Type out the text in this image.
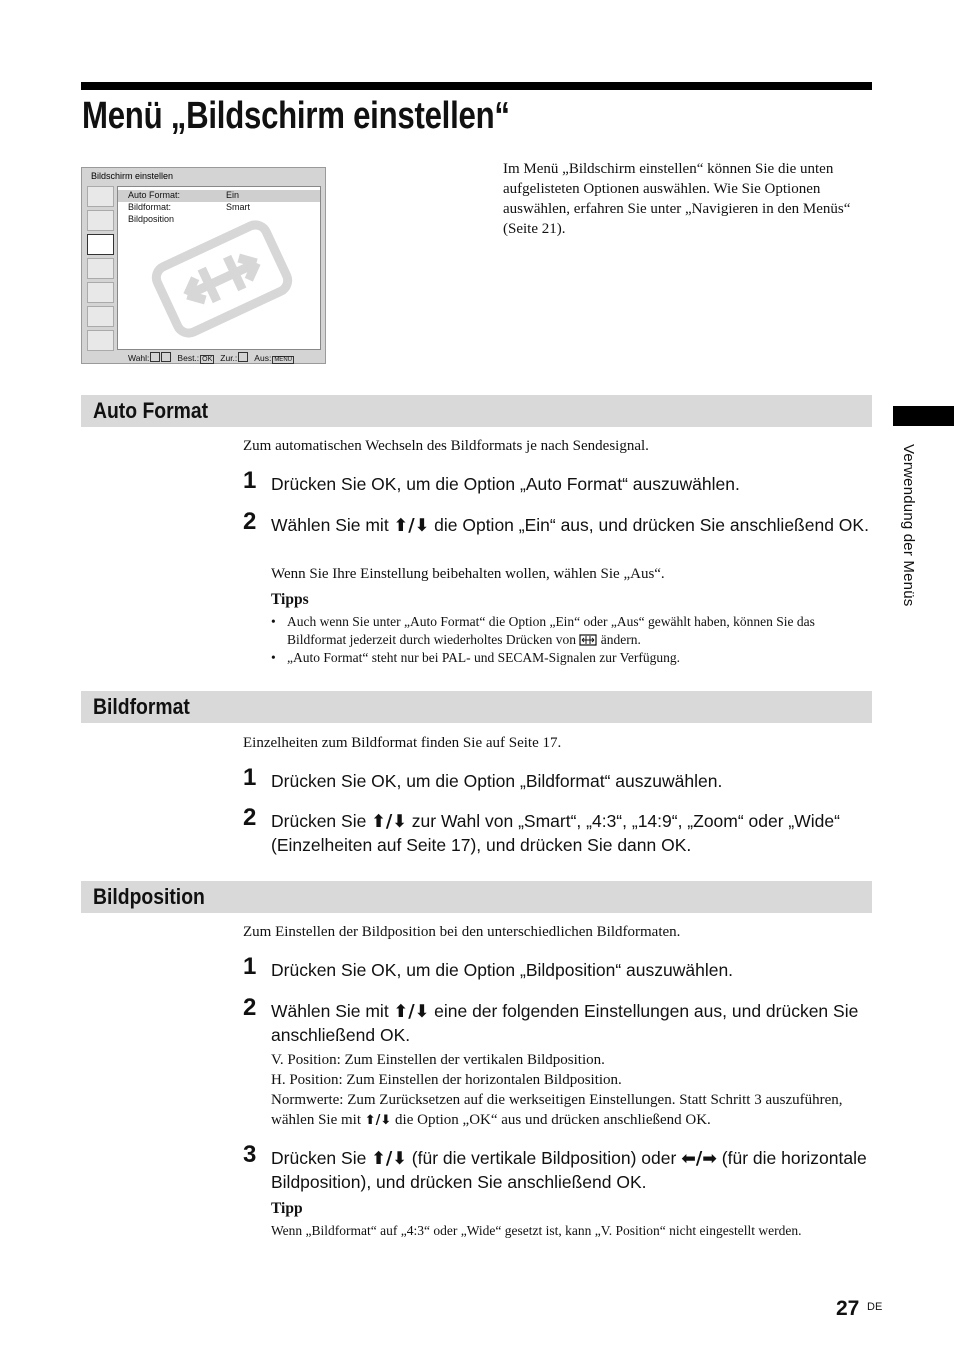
Menü „Bildschirm einstellen“
Bildschirm einstellen
Auto Format:	Ein
Bildformat:	Smart
Bildposition
Wahl:	Best.: OK Zur.: Aus: MENU
Im Menü „Bildschirm einstellen“ können Sie die unten aufgelisteten Optionen auswählen. Wie Sie Optionen auswählen, erfahren Sie unter „Navigieren in den Menüs“ (Seite 21).
Verwendung der Menüs
Auto Format
Zum automatischen Wechseln des Bildformats je nach Sendesignal.
1 Drücken Sie OK, um die Option „Auto Format“ auszuwählen.
2 Wählen Sie mit ⬆/⬇ die Option „Ein“ aus, und drücken Sie anschließend OK.
Wenn Sie Ihre Einstellung beibehalten wollen, wählen Sie „Aus“.
Tipps
• Auch wenn Sie unter „Auto Format“ die Option „Ein“ oder „Aus“ gewählt haben, können Sie das Bildformat jederzeit durch wiederholtes Drücken von  ändern.
• „Auto Format“ steht nur bei PAL- und SECAM-Signalen zur Verfügung.
Bildformat
Einzelheiten zum Bildformat finden Sie auf Seite 17.
1 Drücken Sie OK, um die Option „Bildformat“ auszuwählen.
2 Drücken Sie ⬆/⬇ zur Wahl von „Smart“, „4:3“, „14:9“, „Zoom“ oder „Wide“ (Einzelheiten auf Seite 17), und drücken Sie dann OK.
Bildposition
Zum Einstellen der Bildposition bei den unterschiedlichen Bildformaten.
1 Drücken Sie OK, um die Option „Bildposition“ auszuwählen.
2 Wählen Sie mit ⬆/⬇ eine der folgenden Einstellungen aus, und drücken Sie anschließend OK.
V. Position: Zum Einstellen der vertikalen Bildposition.
H. Position: Zum Einstellen der horizontalen Bildposition.
Normwerte: Zum Zurücksetzen auf die werkseitigen Einstellungen. Statt Schritt 3 auszuführen, wählen Sie mit ⬆/⬇ die Option „OK“ aus und drücken anschließend OK.
3 Drücken Sie ⬆/⬇ (für die vertikale Bildposition) oder ⬅/➡ (für die horizontale Bildposition), und drücken Sie anschließend OK.
Tipp
Wenn „Bildformat“ auf „4:3“ oder „Wide“ gesetzt ist, kann „V. Position“ nicht eingestellt werden.
27 DE
